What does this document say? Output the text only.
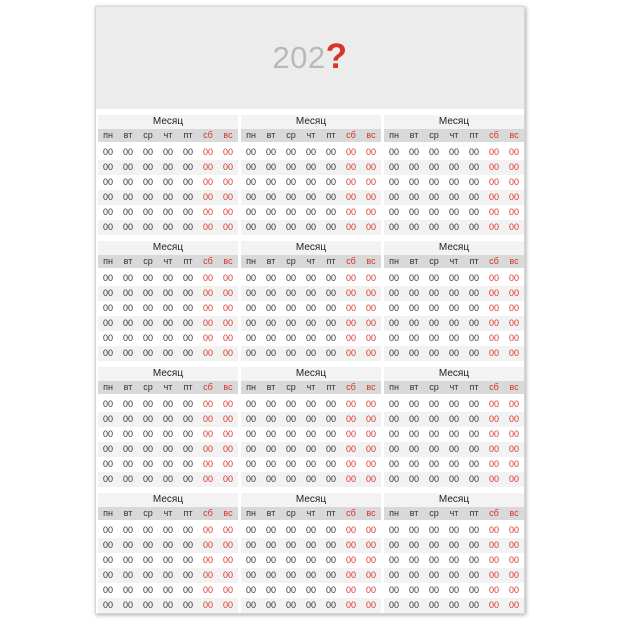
202?
Месяц
пн	вт	ср	чт	пт	сб	вс
00	00	00	00	00	00	00
00	00	00	00	00	00	00
00	00	00	00	00	00	00
00	00	00	00	00	00	00
00	00	00	00	00	00	00
00	00	00	00	00	00	00
Месяц
пн	вт	ср	чт	пт	сб	вс
00	00	00	00	00	00	00
00	00	00	00	00	00	00
00	00	00	00	00	00	00
00	00	00	00	00	00	00
00	00	00	00	00	00	00
00	00	00	00	00	00	00
Месяц
пн	вт	ср	чт	пт	сб	вс
00	00	00	00	00	00	00
00	00	00	00	00	00	00
00	00	00	00	00	00	00
00	00	00	00	00	00	00
00	00	00	00	00	00	00
00	00	00	00	00	00	00
Месяц
пн	вт	ср	чт	пт	сб	вс
00	00	00	00	00	00	00
00	00	00	00	00	00	00
00	00	00	00	00	00	00
00	00	00	00	00	00	00
00	00	00	00	00	00	00
00	00	00	00	00	00	00
Месяц
пн	вт	ср	чт	пт	сб	вс
00	00	00	00	00	00	00
00	00	00	00	00	00	00
00	00	00	00	00	00	00
00	00	00	00	00	00	00
00	00	00	00	00	00	00
00	00	00	00	00	00	00
Месяц
пн	вт	ср	чт	пт	сб	вс
00	00	00	00	00	00	00
00	00	00	00	00	00	00
00	00	00	00	00	00	00
00	00	00	00	00	00	00
00	00	00	00	00	00	00
00	00	00	00	00	00	00
Месяц
пн	вт	ср	чт	пт	сб	вс
00	00	00	00	00	00	00
00	00	00	00	00	00	00
00	00	00	00	00	00	00
00	00	00	00	00	00	00
00	00	00	00	00	00	00
00	00	00	00	00	00	00
Месяц
пн	вт	ср	чт	пт	сб	вс
00	00	00	00	00	00	00
00	00	00	00	00	00	00
00	00	00	00	00	00	00
00	00	00	00	00	00	00
00	00	00	00	00	00	00
00	00	00	00	00	00	00
Месяц
пн	вт	ср	чт	пт	сб	вс
00	00	00	00	00	00	00
00	00	00	00	00	00	00
00	00	00	00	00	00	00
00	00	00	00	00	00	00
00	00	00	00	00	00	00
00	00	00	00	00	00	00
Месяц
пн	вт	ср	чт	пт	сб	вс
00	00	00	00	00	00	00
00	00	00	00	00	00	00
00	00	00	00	00	00	00
00	00	00	00	00	00	00
00	00	00	00	00	00	00
00	00	00	00	00	00	00
Месяц
пн	вт	ср	чт	пт	сб	вс
00	00	00	00	00	00	00
00	00	00	00	00	00	00
00	00	00	00	00	00	00
00	00	00	00	00	00	00
00	00	00	00	00	00	00
00	00	00	00	00	00	00
Месяц
пн	вт	ср	чт	пт	сб	вс
00	00	00	00	00	00	00
00	00	00	00	00	00	00
00	00	00	00	00	00	00
00	00	00	00	00	00	00
00	00	00	00	00	00	00
00	00	00	00	00	00	00
